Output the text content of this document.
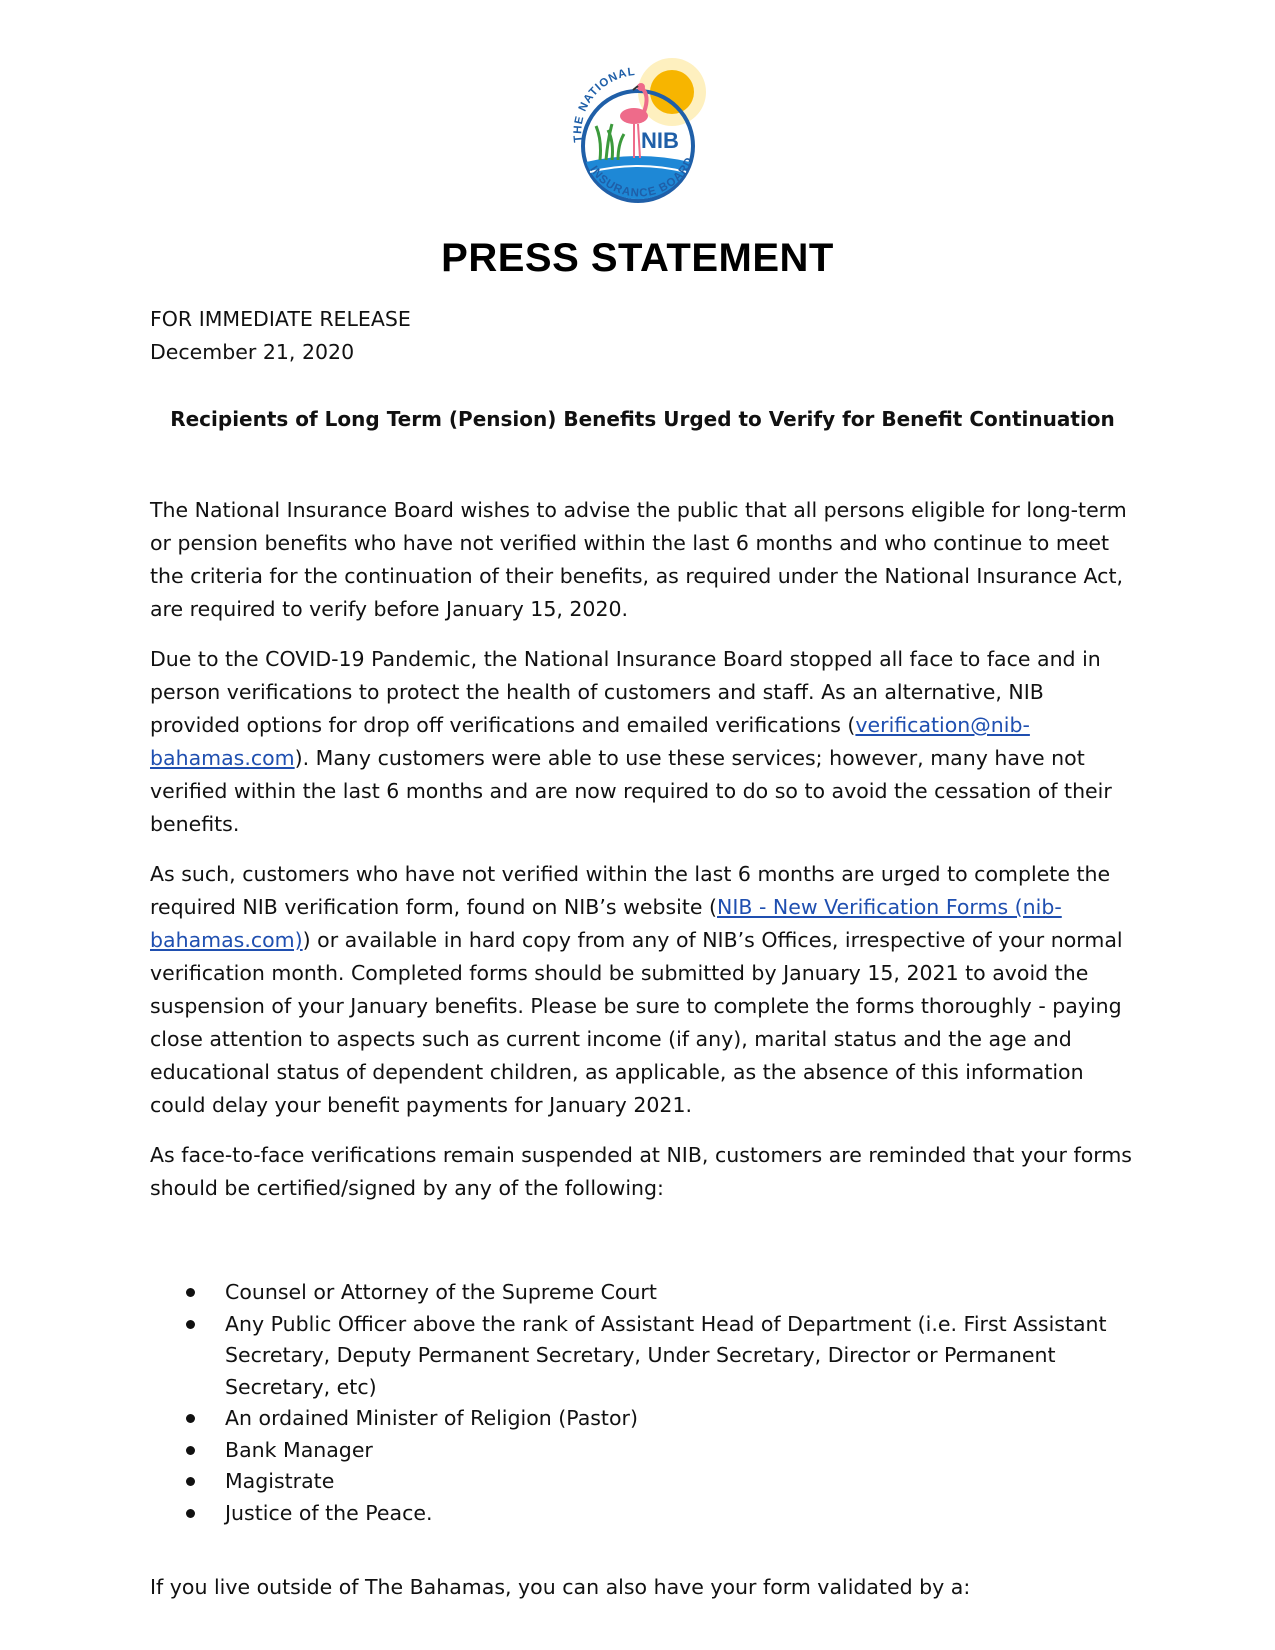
NIB
THE NATIONAL
INSURANCE BOARD
PRESS STATEMENT
FOR IMMEDIATE RELEASE
December 21, 2020
Recipients of Long Term (Pension) Benefits Urged to Verify for Benefit Continuation

The National Insurance Board wishes to advise the public that all persons eligible for long-term or pension benefits who have not verified within the last 6 months and who continue to meet the criteria for the continuation of their benefits, as required under the National Insurance Act, are required to verify before January 15, 2020.

Due to the COVID-19 Pandemic, the National Insurance Board stopped all face to face and in person verifications to protect the health of customers and staff. As an alternative, NIB provided options for drop off verifications and emailed verifications (verification@nib-bahamas.com). Many customers were able to use these services; however, many have not verified within the last 6 months and are now required to do so to avoid the cessation of their benefits.

As such, customers who have not verified within the last 6 months are urged to complete the required NIB verification form, found on NIB’s website (NIB - New Verification Forms (nib-bahamas.com)) or available in hard copy from any of NIB’s Offices, irrespective of your normal verification month. Completed forms should be submitted by January 15, 2021 to avoid the suspension of your January benefits. Please be sure to complete the forms thoroughly - paying close attention to aspects such as current income (if any), marital status and the age and educational status of dependent children, as applicable, as the absence of this information could delay your benefit payments for January 2021.

As face-to-face verifications remain suspended at NIB, customers are reminded that your forms should be certified/signed by any of the following:

Counsel or Attorney of the Supreme Court
Any Public Officer above the rank of Assistant Head of Department (i.e. First Assistant Secretary, Deputy Permanent Secretary, Under Secretary, Director or Permanent Secretary, etc)
An ordained Minister of Religion (Pastor)
Bank Manager
Magistrate
Justice of the Peace.

If you live outside of The Bahamas, you can also have your form validated by a:
